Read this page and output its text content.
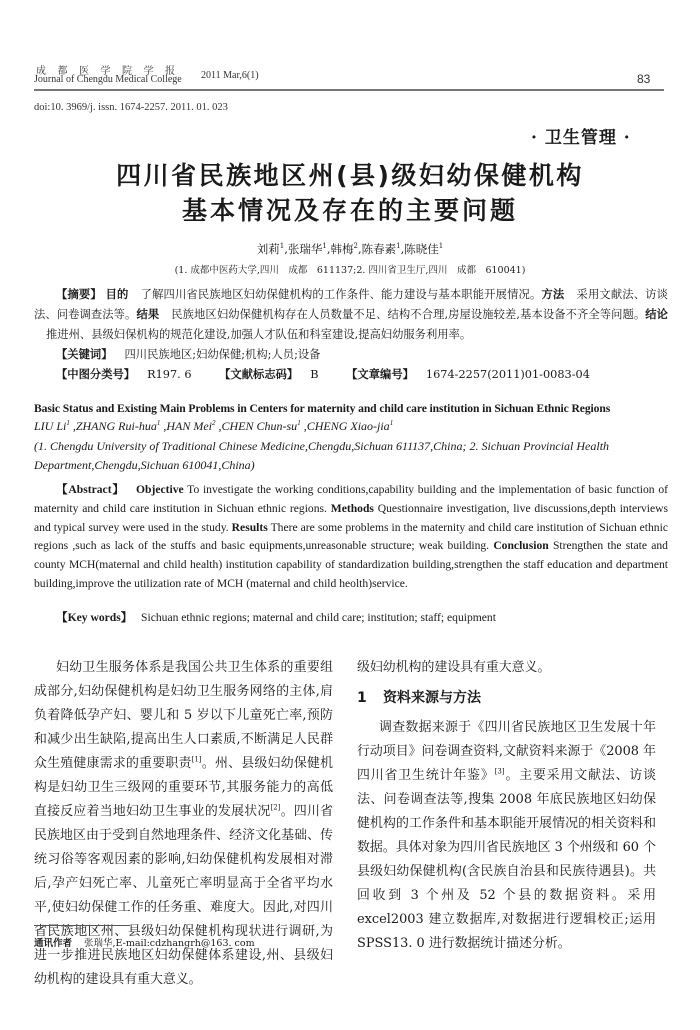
成都医学院学报
Journal of Chengdu Medical College 2011 Mar,6(1)	83
doi:10. 3969/j. issn. 1674-2257. 2011. 01. 023
· 卫生管理 ·
四川省民族地区州(县)级妇幼保健机构
基本情况及存在的主要问题
刘莉$^1$,张瑞华$^1$,韩梅$^2$,陈春素$^1$,陈晓佳$^1$
(1. 成都中医药大学,四川　成都　611137;2. 四川省卫生厅,四川　成都　610041)
【摘要】 目的 了解四川省民族地区妇幼保健机构的工作条件、能力建设与基本职能开展情况。方法 采用文献法、访谈法、问卷调查法等。结果 民族地区妇幼保健机构存在人员数量不足、结构不合理,房屋设施较差,基本设备不齐全等问题。结论推进州、县级妇保机构的规范化建设,加强人才队伍和科室建设,提高妇幼服务利用率。
【关键词】 四川民族地区;妇幼保健;机构;人员;设备
【中图分类号】 R197. 6 【文献标志码】 B 【文章编号】 1674-2257(2011)01-0083-04
Basic Status and Existing Main Problems in Centers for maternity and child care institution in Sichuan Ethnic Regions
LIU Li$^1$ ,ZHANG Rui-hua$^1$ ,HAN Mei$^2$ ,CHEN Chun-$su^1$ ,CHENG Xiao-jia$^1$
(1. Chengdu University of Traditional Chinese Medicine,Chengdu,Sichuan 611137,China; 2. Sichuan Provincial Health Department,Chengdu,Sichuan 610041,China)
【Abstract】 Objective To investigate the working conditions,capability building and the implementation of basic function of maternity and child care institution in Sichuan ethnic regions. Methods Questionnaire investigation, live discussions,depth interviews and typical survey were used in the study. Results There are some problems in the maternity and child care institution of Sichuan ethnic regions ,such as lack of the stuffs and basic equipments,unreasonable structure; weak building. Conclusion Strengthen the state and county MCH(maternal and child health) institution capability of standardization building,strengthen the staff education and department building,improve the utilization rate of MCH (maternal and child heolth)service.
【Key words】 Sichuan ethnic regions; maternal and child care; institution; staff; equipment

妇幼卫生服务体系是我国公共卫生体系的重要组成部分,妇幼保健机构是妇幼卫生服务网络的主体,肩负着降低孕产妇、婴儿和 5 岁以下儿童死亡率,预防和减少出生缺陷,提高出生人口素质,不断满足人民群众生殖健康需求的重要职责[1]。州、县级妇幼保健机构是妇幼卫生三级网的重要环节,其服务能力的高低直接反应着当地妇幼卫生事业的发展状况[2]。四川省民族地区由于受到自然地理条件、经济文化基础、传统习俗等客观因素的影响,妇幼保健机构发展相对滞后,孕产妇死亡率、儿童死亡率明显高于全省平均水平,使妇幼保健工作的任务重、难度大。因此,对四川省民族地区州、县级妇幼保健机构现状进行调研,为进一步推进民族地区妇幼保健体系建设,州、县级妇幼机构的建设具有重大意义。

级妇幼机构的建设具有重大意义。

1 资料来源与方法

调查数据来源于《四川省民族地区卫生发展十年行动项目》问卷调查资料,文献资料来源于《2008 年四川省卫生统计年鉴》[3]。主要采用文献法、访谈法、问卷调查法等,搜集 2008 年底民族地区妇幼保健机构的工作条件和基本职能开展情况的相关资料和数据。具体对象为四川省民族地区 3 个州级和 60 个县级妇幼保健机构(含民族自治县和民族待遇县)。共回收到 3 个州及 52 个县的数据资料。采用 excel2003 建立数据库,对数据进行逻辑校正;运用 SPSS13. 0 进行数据统计描述分析。

通讯作者 张瑞华,E-mail:cdzhangrh@163. com
